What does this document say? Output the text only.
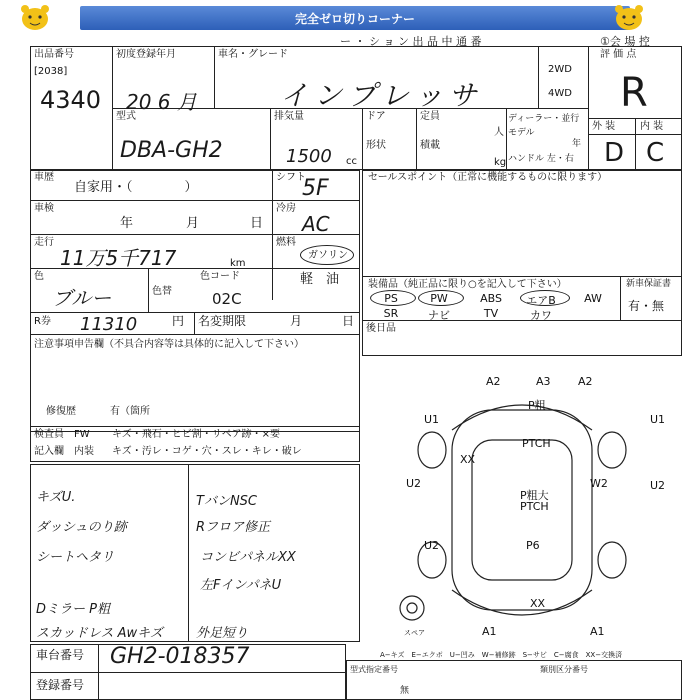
完全ゼロ切りコーナー
ー ・ シ ョ ン 出 品 中 通 番	①会 場 控
出品番号
[2038]
4340
初度登録年月
20 6 月
車名・グレード
インプレッサ
2WD
4WD
評 価 点
R
型式
DBA-GH2
排気量
1500 cc
ドア
形状
定員
人
積載
kg
ディーラー・並行
モデル
年
ハンドル 左・右
外 装 内 装
D C
車歴
自家用・（　　　　）
シフト
5F
車検
年	月	日
冷房
AC
走行
11万5千717	km
燃料
ガソリン
軽　油
色
ブルー	色替
色コード
02C
R券 11310	円 名変期限	月	日
注意事項申告欄（不具合内容等は具体的に記入して下さい）
修復歴	有（箇所
セールスポイント（正常に機能するものに限ります）
装備品（純正品に限り○を記入して下さい）	新車保証書
有・無
PS	PW	ABS	エアB	AW
SR	ナビ	TV	カワ
後日品
検査員 FW キズ・飛石・ヒビ割・リペア跡・×要
記入欄 内装 キズ・汚レ・コゲ・穴・スレ・キレ・破レ
キズU.
ダッシュのり跡
シートヘタリ
Dミラー P粗
スカッドレス Awキズ
TバンNSC
Rフロア修正
コンビパネルXX
左FインパネU
外足短り
A2	A3 A2
P粗
U1
PTCH
XX
U1
U2
P粗大 PTCH
W2	U2
P6
U2
XX
A1	A1
スペア
A−キズ　E−エクボ　U−凹み　W−補修跡　S−サビ　C−腐食　XX−交換済
車台番号 GH2-018357
登録番号
型式指定番号	類別区分番号
無
